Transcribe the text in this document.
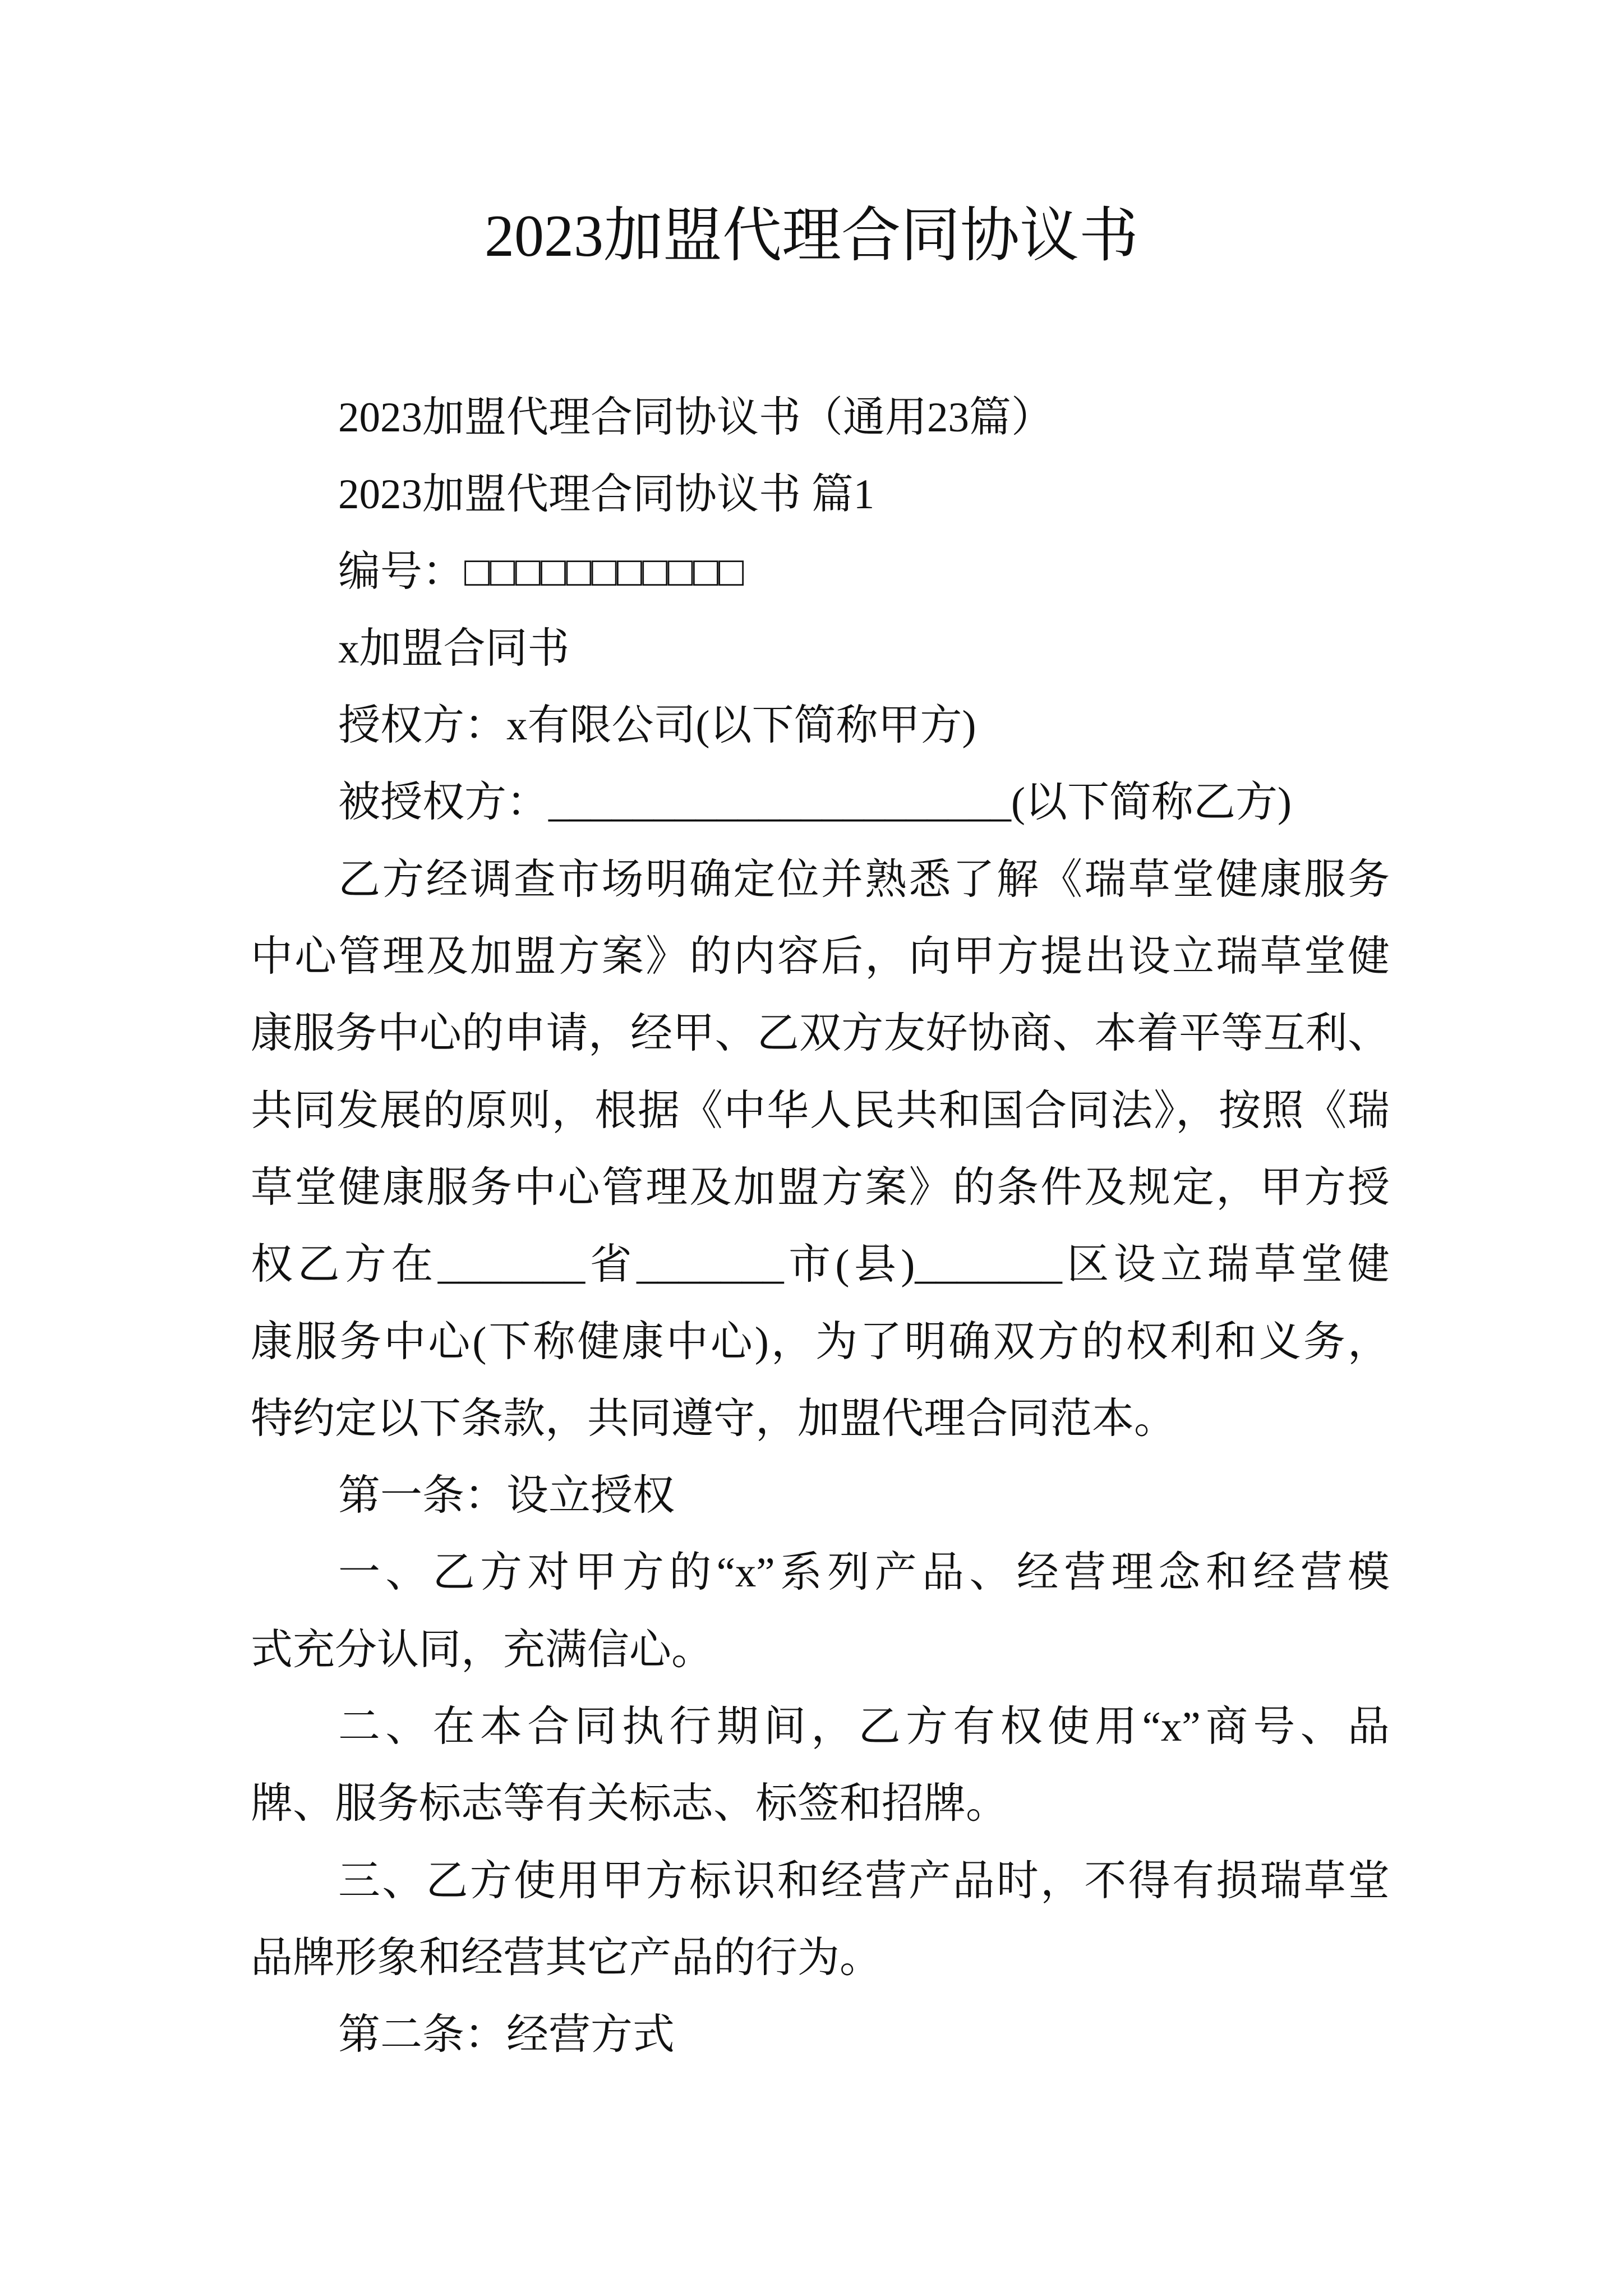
2023加盟代理合同协议书
2023加盟代理合同协议书（通用23篇）
2023加盟代理合同协议书 篇1
编号：□□□□□□□□□□□
x加盟合同书
授权方：x有限公司(以下简称甲方)
被授权方：______________________(以下简称乙方)
乙方经调查市场明确定位并熟悉了解《瑞草堂健康服务
中心管理及加盟方案》的内容后，向甲方提出设立瑞草堂健
康服务中心的申请，经甲、乙双方友好协商、本着平等互利、
共同发展的原则，根据《中华人民共和国合同法》，按照《瑞
草堂健康服务中心管理及加盟方案》的条件及规定，甲方授
权乙方在_______省_______市(县)_______区设立瑞草堂健
康服务中心(下称健康中心)，为了明确双方的权利和义务，
特约定以下条款，共同遵守，加盟代理合同范本。
第一条：设立授权
一、乙方对甲方的“x”系列产品、经营理念和经营模
式充分认同，充满信心。
二、在本合同执行期间，乙方有权使用“x”商号、品
牌、服务标志等有关标志、标签和招牌。
三、乙方使用甲方标识和经营产品时，不得有损瑞草堂
品牌形象和经营其它产品的行为。
第二条：经营方式
